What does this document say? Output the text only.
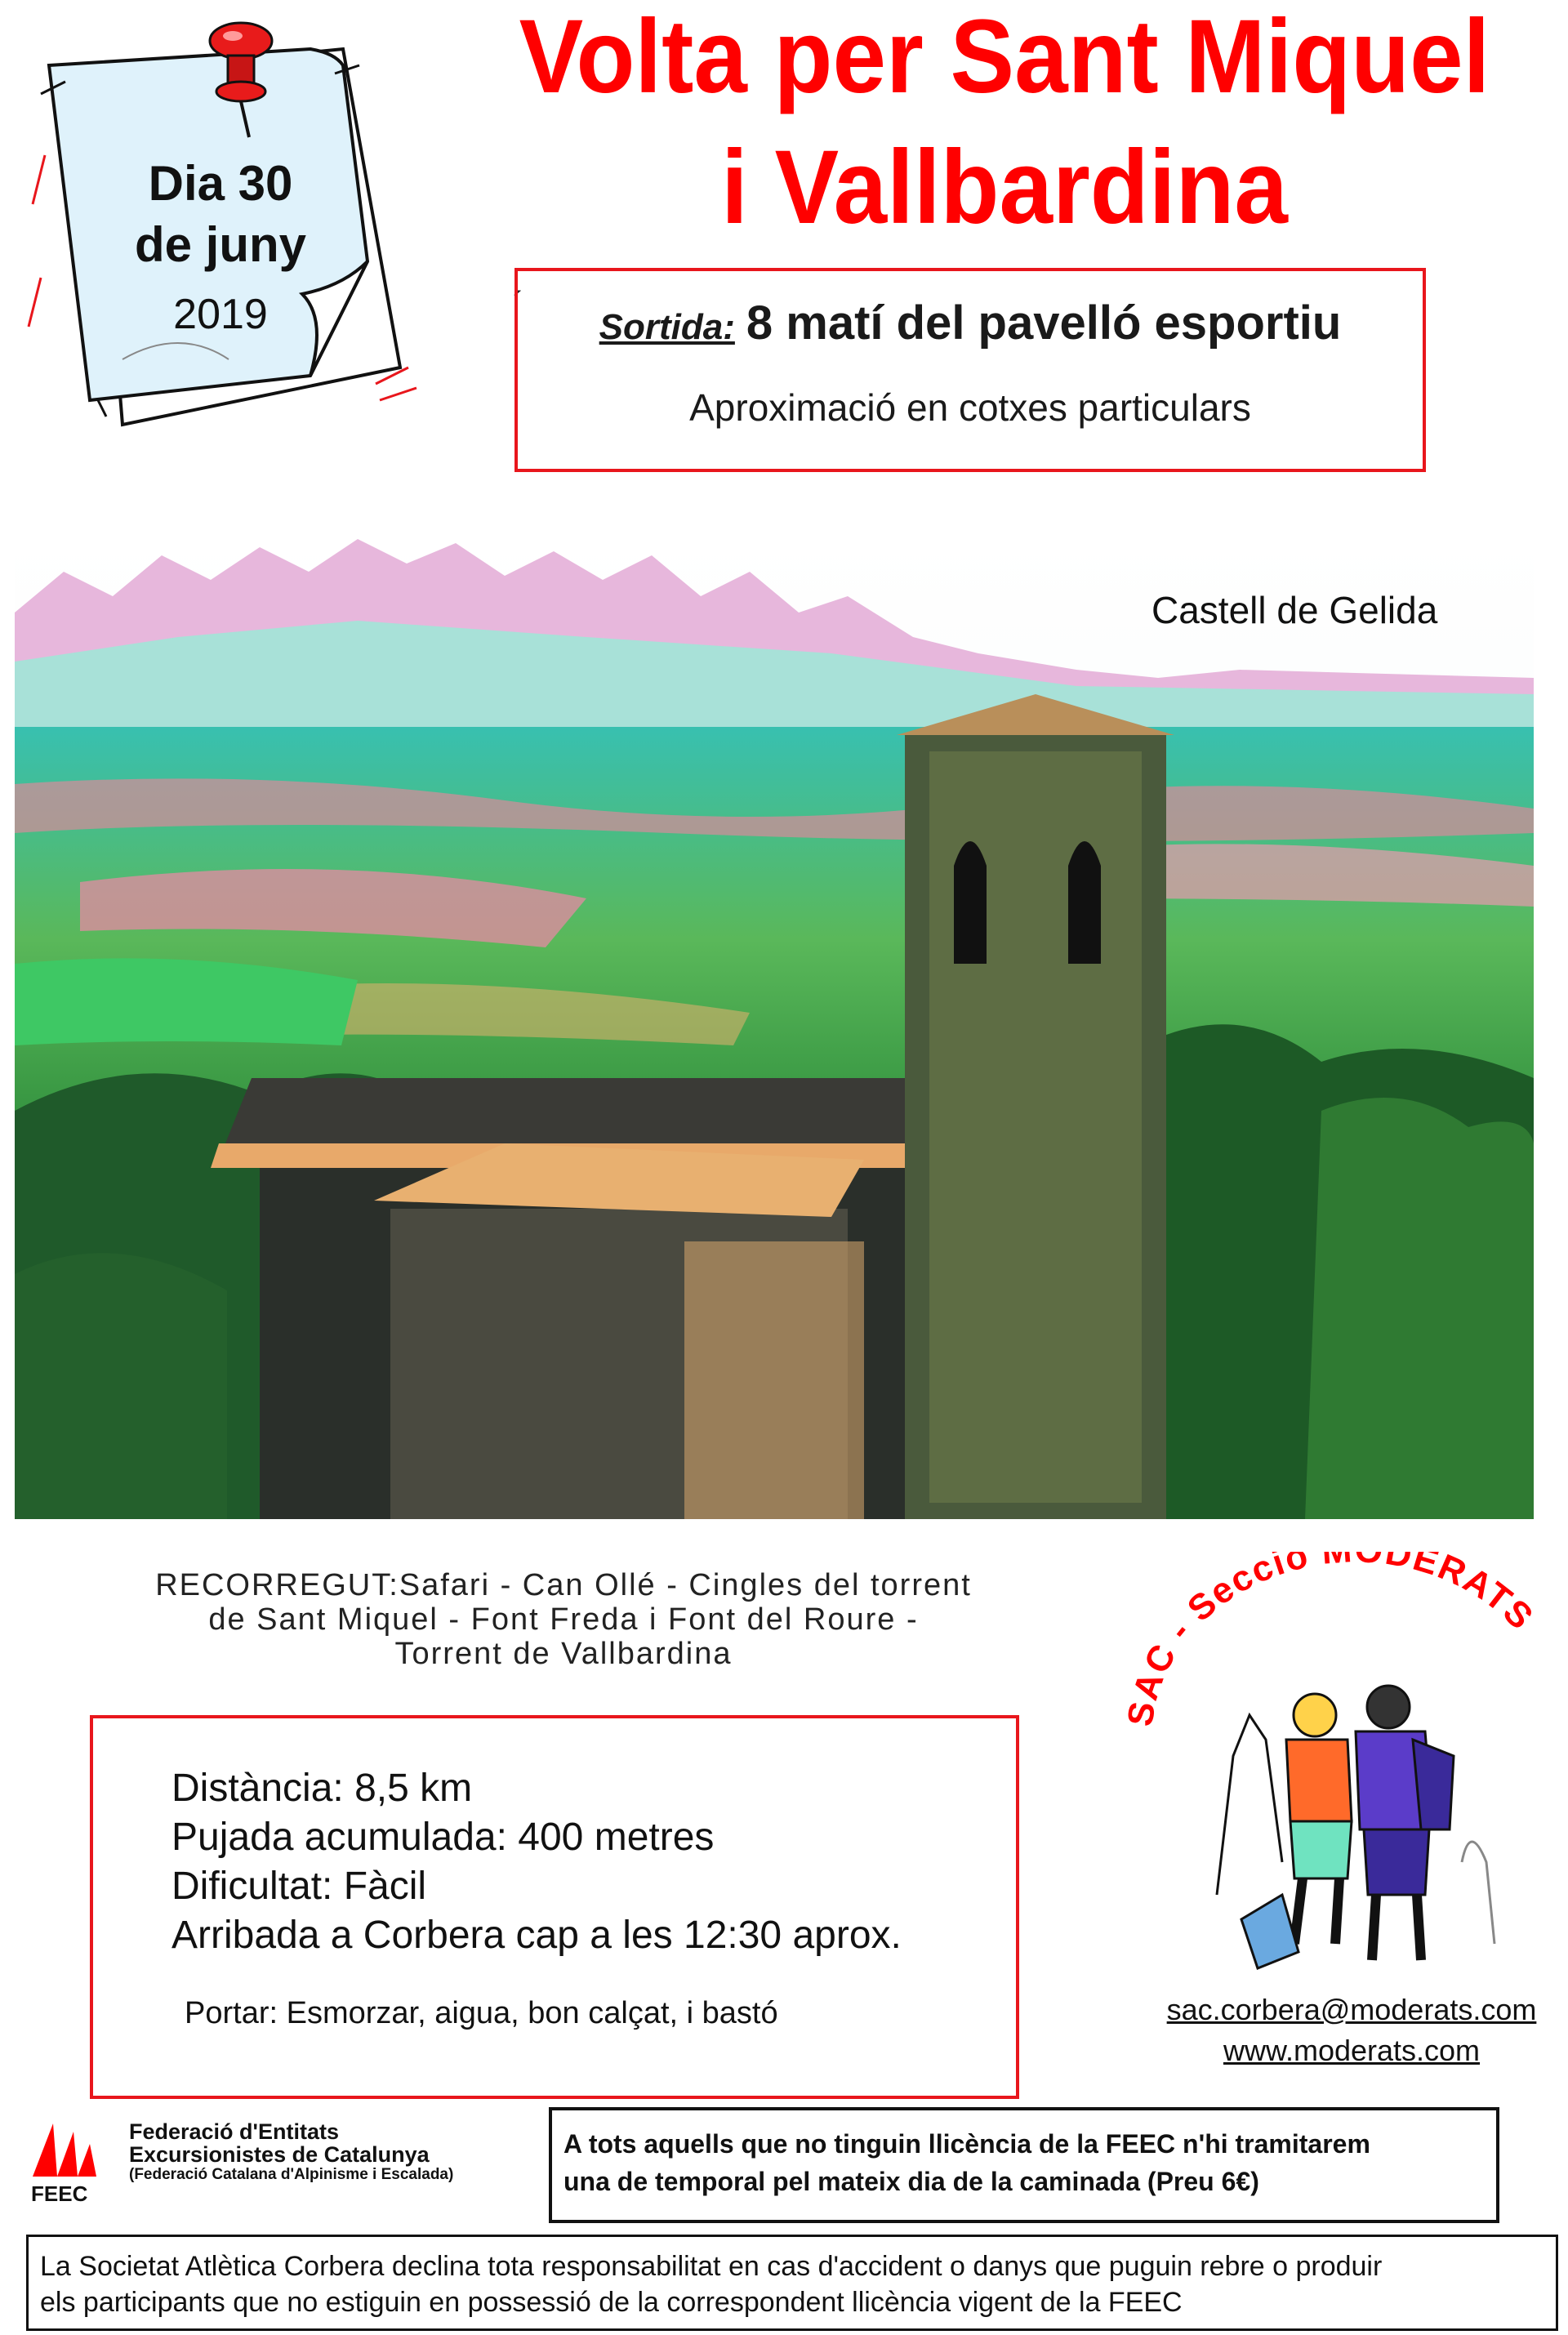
Dia 30
de juny
2019
Volta per Sant Miquel
i Vallbardina
´
Sortida: 8 matí del pavelló esportiu
Aproximació en cotxes particulars
Castell de Gelida
RECORREGUT:Safari - Can Ollé - Cingles del torrent
de Sant Miquel - Font Freda i Font del Roure -
Torrent de Vallbardina
Distància: 8,5 km
Pujada acumulada: 400 metres
Dificultat: Fàcil
Arribada a Corbera cap a les 12:30 aprox.
Portar: Esmorzar, aigua, bon calçat, i bastó
SAC - Secció DERATS
sac.corbera@moderats.com
www.moderats.com
FEEC
Federació d'Entitats
Excursionistes de Catalunya
(Federació Catalana d'Alpinisme i Escalada)
A tots aquells que no tinguin llicència de la FEEC n'hi tramitarem
una de temporal pel mateix dia de la caminada (Preu 6€)
La Societat Atlètica Corbera declina tota responsabilitat en cas d'accident o danys que puguin rebre o produir
els participants que no estiguin en possessió de la correspondent llicència vigent de la FEEC
